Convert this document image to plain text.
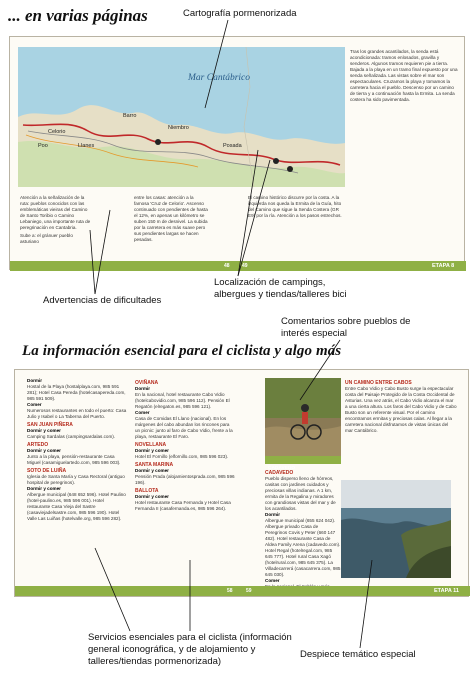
... en varias páginas
La información esencial para el ciclista y algo más
Cartografía pormenorizada
Advertencias de dificultades
Localización de campings, albergues y tiendas/talleres bici
Comentarios sobre pueblos de interés especial
Servicios esenciales para el ciclista (información general iconográfica, y de alojamiento y talleres/tiendas pormenorizada)
Despiece temático especial
Mar Cantábrico
Celorio
Barro
Niembro
Posada
Llanes
Poo
Atención a la señalización de la ruta: pueblos conocidos con las emblemáticas vieiras del Camino de Santo Toribio o Camino Lebaniego, una importante ruta de peregrinación en Cantabria.
Sube a: el gránuer pueblo asturiano
entre los casas: atención a la famosa 'Cruz de Celorio'. Ascenso continuado con pendientes de hasta el 12%, en apenas un kilómetro se suben 150 m de desnivel. La subida por la carretera es más suave pero sus pendientes largas se hacen pesadas.
El camino histórico discurre por la costa. A la izquierda nos queda la Ermita de la Guía, hito del Camino que sigue la Senda Costera (GR E9) por la ría. Atención a los pasos estrechos.
Tras los grandes acantilados, la senda está acondicionada: tramos enlosados, gravilla y senderos. Algunos tramos requieren pie a tierra. Bajada a la playa en un tramo final expuesto por una senda señalizada. Las vistas sobre el mar son espectaculares. Cruzamos la playa y tomamos la carretera hacia el pueblo. Descenso por un camino de tierra y a continuación hasta la Ermita. La senda costera ha sido pavimentada.
48 49	ETAPA 8
Dormir
Hostal de la Playa (hostalplaya.com, 985 591 281); Hotel Casa Pereda (hotelcasapereda.com, 985 591 509).
Comer
Numerosos restaurantes en todo el puerto: Casa Julio y Isabel o La Taberna del Puerto.
SAN JUAN PIÑERA
Dormir y comer
Camping Sardalas (campingsardalas.com).
ARTEDO
Dormir y comer
Junto a la playa, pensión-restaurante Casa Miguel (casamiguelartedo.com, 985 596 003).
SOTO DE LUIÑA
Iglesia de Santa María y Casa Rectoral (antiguo hospital de peregrinos).
Dormir y comer
Albergue municipal (648 652 596). Hotel Paulino (hotel-paulino.es, 985 596 001). Hotel restaurante Casa Vieja del Sastre (casaviejadelsastre.com, 985 596 190). Hotel Valle Las Luiñas (hotelvalle.org, 985 596 282).
OVIÑANA
Dormir
En la nacional, hotel restaurante Cabo Vidio (hotelcabovidio.com, 985 596 112). Pensión El Regatón (elregaton.es, 985 596 121).
Comer
Casa de Comidas El Llano (nacional). En los márgenes del cabo abundan los rincones para un picnic: junto al faro de Cabo Vidio, frente a la playa, restaurante El Faro.
NOVELLANA
Dormir y comer
Hotel El Fornillo (elfornillo.com, 985 596 023).
SANTA MARINA
Dormir y comer
Pensión Prada (alojamientosprada.com, 985 596 196).
BALLOTA
Dormir y comer
Hotel restaurante Casa Fernanda y Hotel Casa Fernanda II (casafernanda.es, 985 596 264).
CADAVEDO
CADAVEDO
Pueblo disperso lleno de hórreos, casitas con jardines cuidados y preciosas villas indianas. A 1 km, ermita de la Regalina y miradores con grandiosas vistas del mar y de los acantilados.
Dormir
Albergue municipal (655 624 042). Albergue privado Casa de Peregrinos Covis y Peter (660 147 482). Hotel restaurante Casa de Aldea Family Arena (cadavedo.com). Hotel Regal (hotelregal.com, 985 645 777). Hotel rural Casa Xagó (hotelrural.com, 985 645 375). La Villadecarrerá (casacarrera.com, 985 645 030).
Comer
UN CAMINO ENTRE CABOS
Entre Cabo Vidio y Cabo Busto surge la espectacular costa del Paisaje Protegido de la Costa Occidental de Asturias. Una vez atrás, el Cabo Vidio alcanza el mar a una cierta altura. Los faros del Cabo Vidio y de Cabo Busto son un referente visual. Por el camino encontramos ermitas y preciosas calas. Al llegar a la carretera nacional disfrutamos de vistas únicas del mar Cantábrico.
58	59	ETAPA 11
